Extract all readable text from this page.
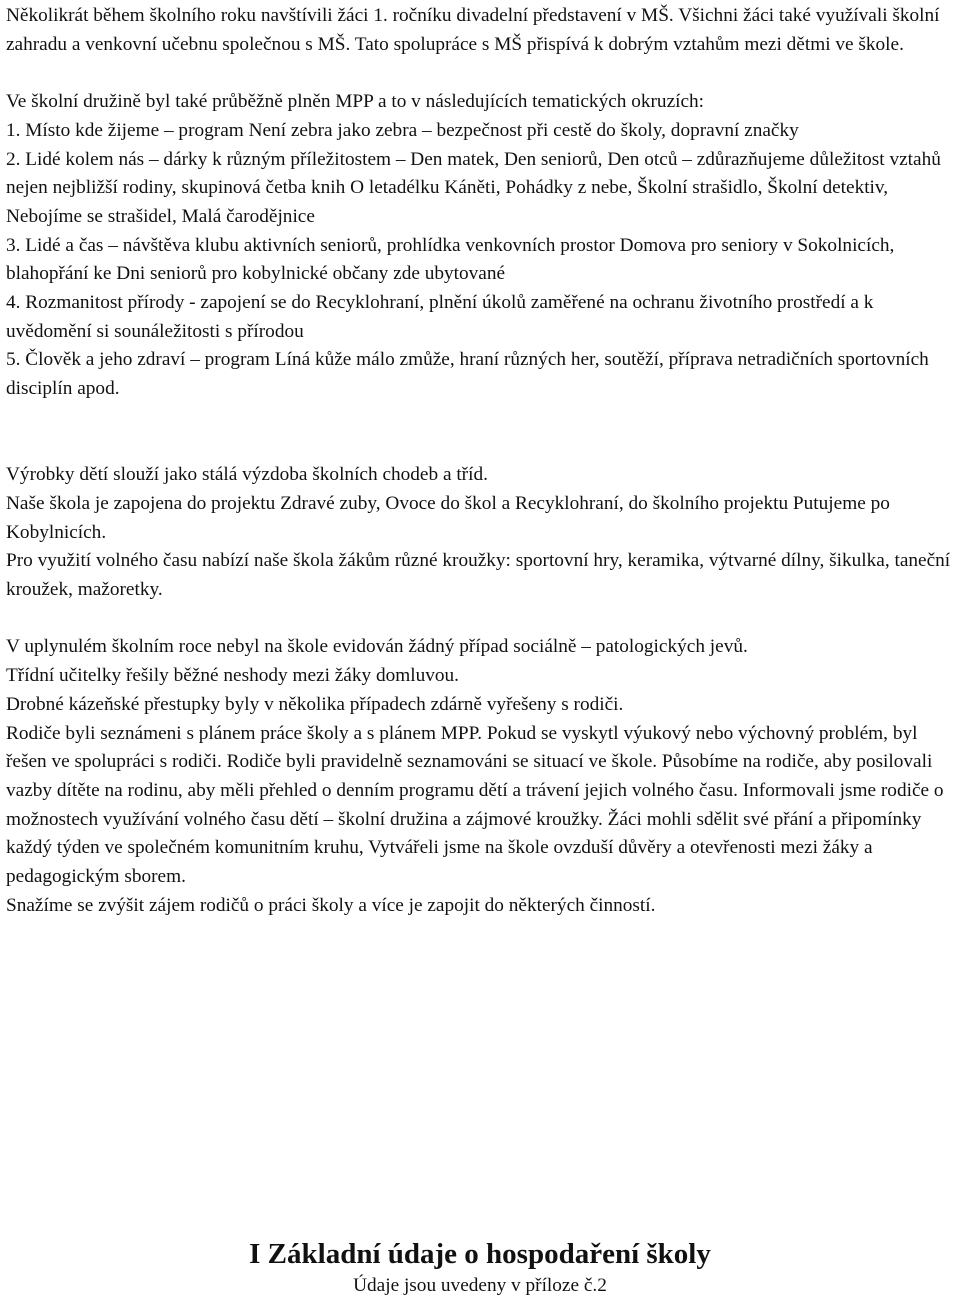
Několikrát během školního roku navštívili žáci 1. ročníku divadelní představení v MŠ. Všichni žáci také využívali školní zahradu a venkovní učebnu společnou s MŠ. Tato spolupráce s MŠ přispívá k dobrým vztahům mezi dětmi ve škole.

Ve školní družině byl také průběžně plněn MPP a to v následujících tematických okruzích:

1. Místo kde žijeme – program Není zebra jako zebra – bezpečnost při cestě do školy, dopravní značky

2. Lidé kolem nás – dárky k různým příležitostem – Den matek, Den seniorů, Den otců – zdůrazňujeme důležitost vztahů nejen nejbližší rodiny, skupinová četba knih O letadélku Káněti, Pohádky z nebe, Školní strašidlo, Školní detektiv, Nebojíme se strašidel, Malá čarodějnice

3. Lidé a čas – návštěva klubu aktivních seniorů, prohlídka venkovních prostor Domova pro seniory v Sokolnicích, blahopřání ke Dni seniorů pro kobylnické občany zde ubytované

4. Rozmanitost přírody - zapojení se do Recyklohraní, plnění úkolů zaměřené na ochranu životního prostředí a k uvědomění si sounáležitosti s přírodou

5. Člověk a jeho zdraví – program Líná kůže málo zmůže, hraní různých her, soutěží, příprava netradičních sportovních disciplín apod.

Výrobky dětí slouží jako stálá výzdoba školních chodeb a tříd.

Naše škola je zapojena do projektu Zdravé zuby, Ovoce do škol a Recyklohraní, do školního projektu Putujeme po Kobylnicích.

Pro využití volného času nabízí naše škola žákům různé kroužky: sportovní hry, keramika, výtvarné dílny, šikulka, taneční kroužek, mažoretky.

V uplynulém školním roce nebyl na škole evidován žádný případ sociálně – patologických jevů.

Třídní učitelky řešily běžné neshody mezi žáky domluvou.

Drobné kázeňské přestupky byly v několika případech zdárně vyřešeny s rodiči.

Rodiče byli seznámeni s plánem práce školy a s plánem MPP. Pokud se vyskytl výukový nebo výchovný problém, byl řešen ve spolupráci s rodiči. Rodiče byli pravidelně seznamováni se situací ve škole. Působíme na rodiče, aby posilovali vazby dítěte na rodinu, aby měli přehled o denním programu dětí a trávení jejich volného času. Informovali jsme rodiče o možnostech využívání volného času dětí – školní družina a zájmové kroužky. Žáci mohli sdělit své přání a připomínky každý týden ve společném komunitním kruhu, Vytvářeli jsme na škole ovzduší důvěry a otevřenosti mezi žáky a pedagogickým sborem.

Snažíme se zvýšit zájem rodičů o práci školy a více je zapojit do některých činností.

I Základní údaje o hospodaření školy

Údaje jsou uvedeny v příloze č.2
